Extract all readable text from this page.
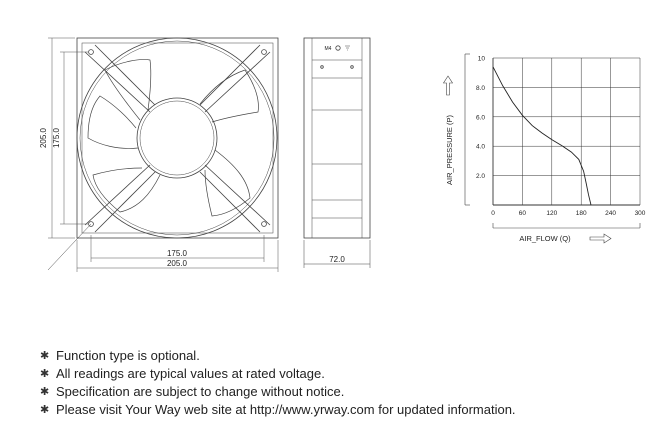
175.0
205.0
205.0 175.0
M4
72.0
0	60	120	180	240	300
2.0
4.0
6.0
8.0
10
AIR_FLOW (Q)
AIR_PRESSURE (P)
✱ Function type is optional.
✱ All readings are typical values at rated voltage.
✱ Specification are subject to change without notice.
✱ Please visit Your Way web site at http://www.yrway.com for updated information.
